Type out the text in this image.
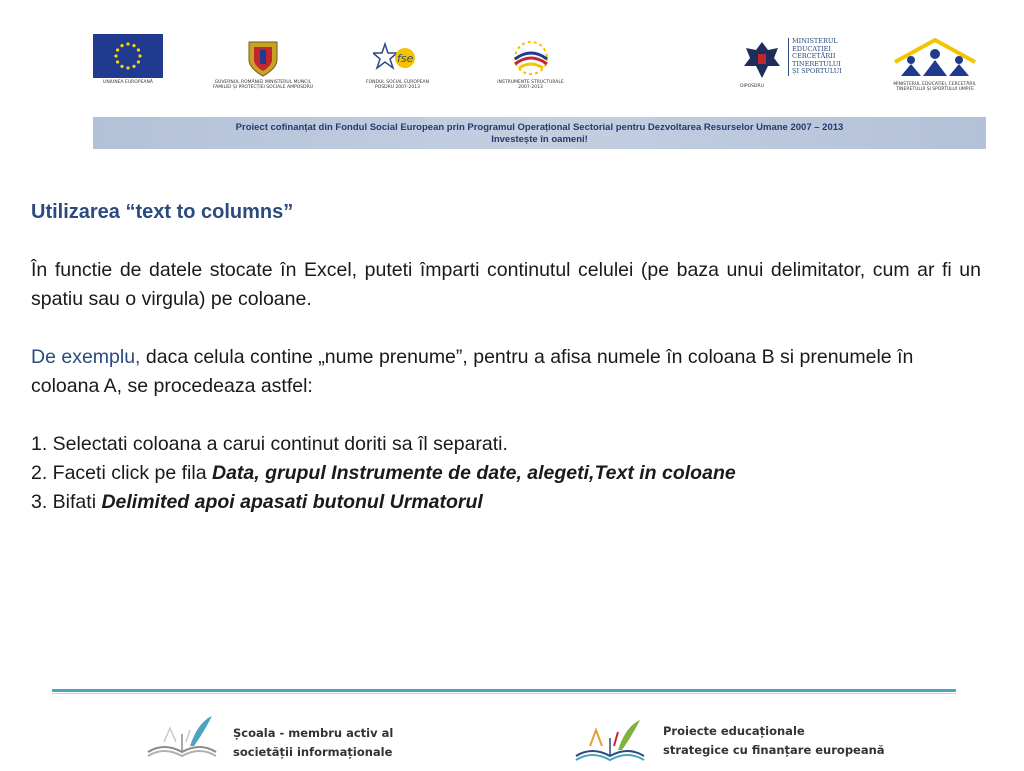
UNIUNEA EUROPEANĂ	GUVERNUL ROMÂNIEI MINISTERUL MUNCII, FAMILIEI ȘI PROTECȚIEI SOCIALE AMPOSDRU
fse
FONDUL SOCIAL EUROPEAN POSDRU 2007-2013
INSTRUMENTE STRUCTURALE 2007-2013
MINISTERUL
EDUCAȚIEI
CERCETĂRII
TINERETULUI
ȘI SPORTULUI
OIPOSDRU	MINISTERUL EDUCAȚIEI, CERCETĂRII, TINERETULUI ȘI SPORTULUI UMPFE
Proiect cofinanțat din Fondul Social European prin Programul Operațional Sectorial pentru Dezvoltarea Resurselor Umane 2007 – 2013
Investește în oameni!

Utilizarea “text to columns”

În functie de datele stocate în Excel, puteti împarti continutul celulei (pe baza unui delimitator, cum ar fi un spatiu sau o virgula) pe coloane.

De exemplu, daca celula contine „nume prenume”, pentru a afisa numele în coloana B si prenumele în coloana A, se procedeaza astfel:

1. Selectati coloana a carui continut doriti sa îl separati.

2. Faceti click pe fila Data, grupul Instrumente de date, alegeti,Text in coloane

3. Bifati Delimited apoi apasati butonul Urmatorul

Școala - membru activ al
societății informaționale
Proiecte educaționale
strategice cu finanțare europeană
